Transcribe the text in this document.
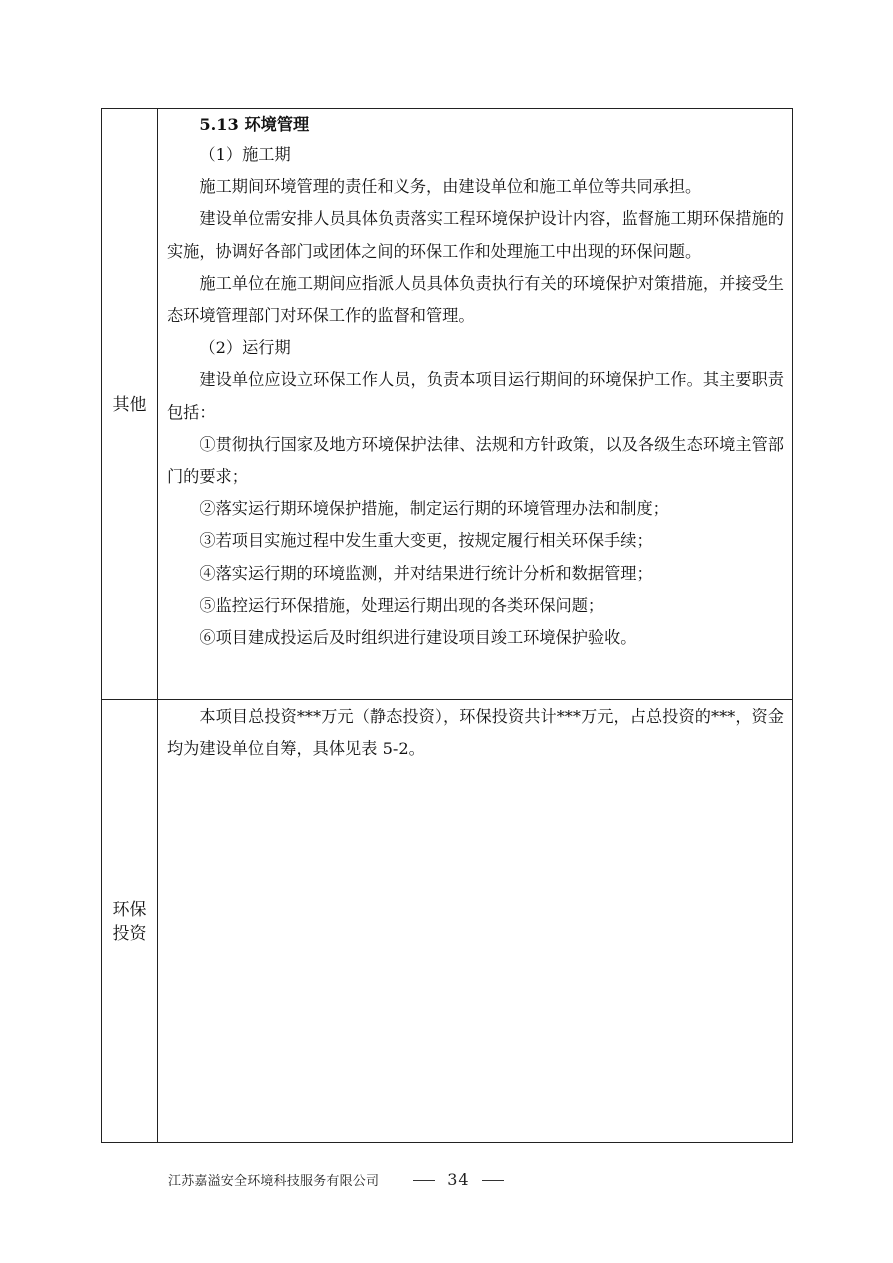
其他

5.13 环境管理

（1）施工期

施工期间环境管理的责任和义务，由建设单位和施工单位等共同承担。

建设单位需安排人员具体负责落实工程环境保护设计内容，监督施工期环保措施的实施，协调好各部门或团体之间的环保工作和处理施工中出现的环保问题。

施工单位在施工期间应指派人员具体负责执行有关的环境保护对策措施，并接受生态环境管理部门对环保工作的监督和管理。

（2）运行期

建设单位应设立环保工作人员，负责本项目运行期间的环境保护工作。其主要职责包括：

①贯彻执行国家及地方环境保护法律、法规和方针政策，以及各级生态环境主管部门的要求；

②落实运行期环境保护措施，制定运行期的环境管理办法和制度；

③若项目实施过程中发生重大变更，按规定履行相关环保手续；

④落实运行期的环境监测，并对结果进行统计分析和数据管理；

⑤监控运行环保措施，处理运行期出现的各类环保问题；

⑥项目建成投运后及时组织进行建设项目竣工环境保护验收。

环保投资

本项目总投资***万元（静态投资），环保投资共计***万元，占总投资的***，资金均为建设单位自筹，具体见表 5-2。

江苏嘉溢安全环境科技服务有限公司	34
